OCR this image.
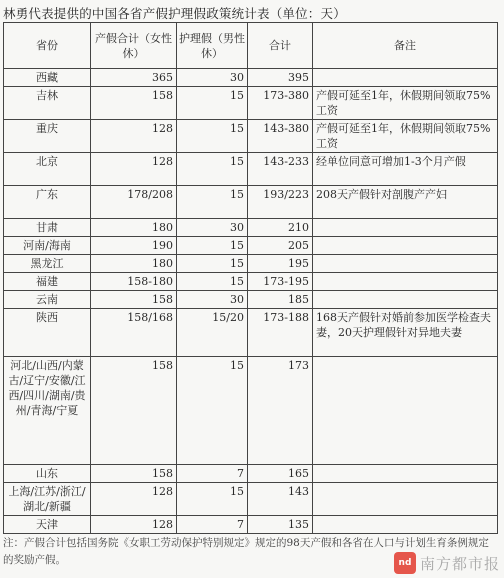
林勇代表提供的中国各省产假护理假政策统计表（单位：天）
省份	产假合计（女性休）	护理假（男性休）	合计	备注
西藏	365	30	395	
吉林	158	15	173-380	产假可延至1年，休假期间领取75%工资
重庆	128	15	143-380	产假可延至1年，休假期间领取75%工资
北京	128	15	143-233	经单位同意可增加1-3个月产假
广东	178/208	15	193/223	208天产假针对剖腹产产妇
甘肃	180	30	210	
河南/海南	190	15	205	
黑龙江	180	15	195	
福建	158-180	15	173-195	
云南	158	30	185	
陕西	158/168	15/20	173-188	168天产假针对婚前参加医学检查夫妻，20天护理假针对异地夫妻
河北/山西/内蒙古/辽宁/安徽/江西/四川/湖南/贵州/青海/宁夏	158	15	173	
山东	158	7	165	
上海/江苏/浙江/湖北/新疆	128	15	143	
天津	128	7	135	
注：产假合计包括国务院《女职工劳动保护特别规定》规定的98天产假和各省在人口与计划生育条例规定的奖励产假。	nd 南方都市报
